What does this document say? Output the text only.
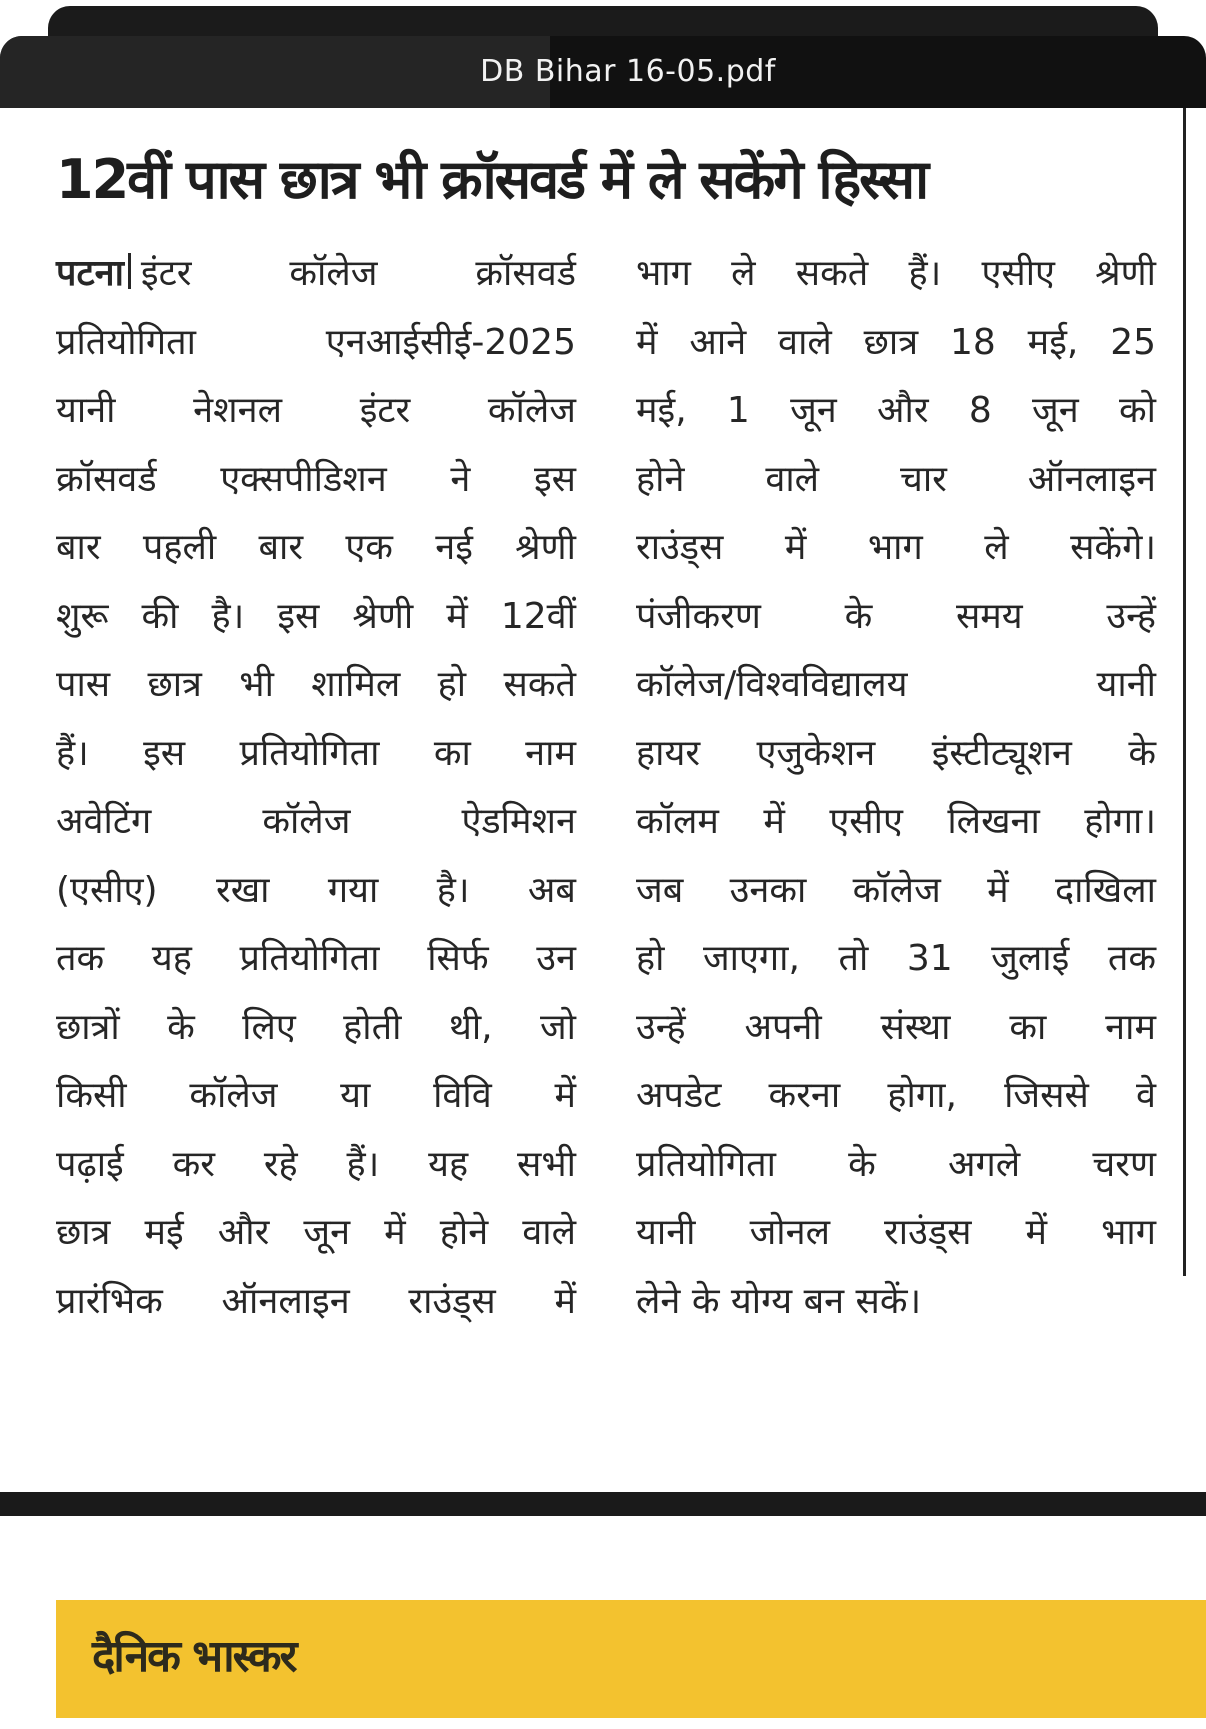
DB Bihar 16-05.pdf
12वीं पास छात्र भी क्रॉसवर्ड में ले सकेंगे हिस्सा
पटना इंटर कॉलेज क्रॉसवर्ड
प्रतियोगिता एनआईसीई-2025
यानी नेशनल इंटर कॉलेज
क्रॉसवर्ड एक्सपीडिशन ने इस
बार पहली बार एक नई श्रेणी
शुरू की है। इस श्रेणी में 12वीं
पास छात्र भी शामिल हो सकते
हैं। इस प्रतियोगिता का नाम
अवेटिंग कॉलेज ऐडमिशन
(एसीए) रखा गया है। अब
तक यह प्रतियोगिता सिर्फ उन
छात्रों के लिए होती थी, जो
किसी कॉलेज या विवि में
पढ़ाई कर रहे हैं। यह सभी
छात्र मई और जून में होने वाले
प्रारंभिक ऑनलाइन राउंड्स में
भाग ले सकते हैं। एसीए श्रेणी
में आने वाले छात्र 18 मई, 25
मई, 1 जून और 8 जून को
होने वाले चार ऑनलाइन
राउंड्स में भाग ले सकेंगे।
पंजीकरण के समय उन्हें
कॉलेज/विश्वविद्यालय यानी
हायर एजुकेशन इंस्टीट्यूशन के
कॉलम में एसीए लिखना होगा।
जब उनका कॉलेज में दाखिला
हो जाएगा, तो 31 जुलाई तक
उन्हें अपनी संस्था का नाम
अपडेट करना होगा, जिससे वे
प्रतियोगिता के अगले चरण
यानी जोनल राउंड्स में भाग
लेने के योग्य बन सकें।
दैनिक भास्कर
